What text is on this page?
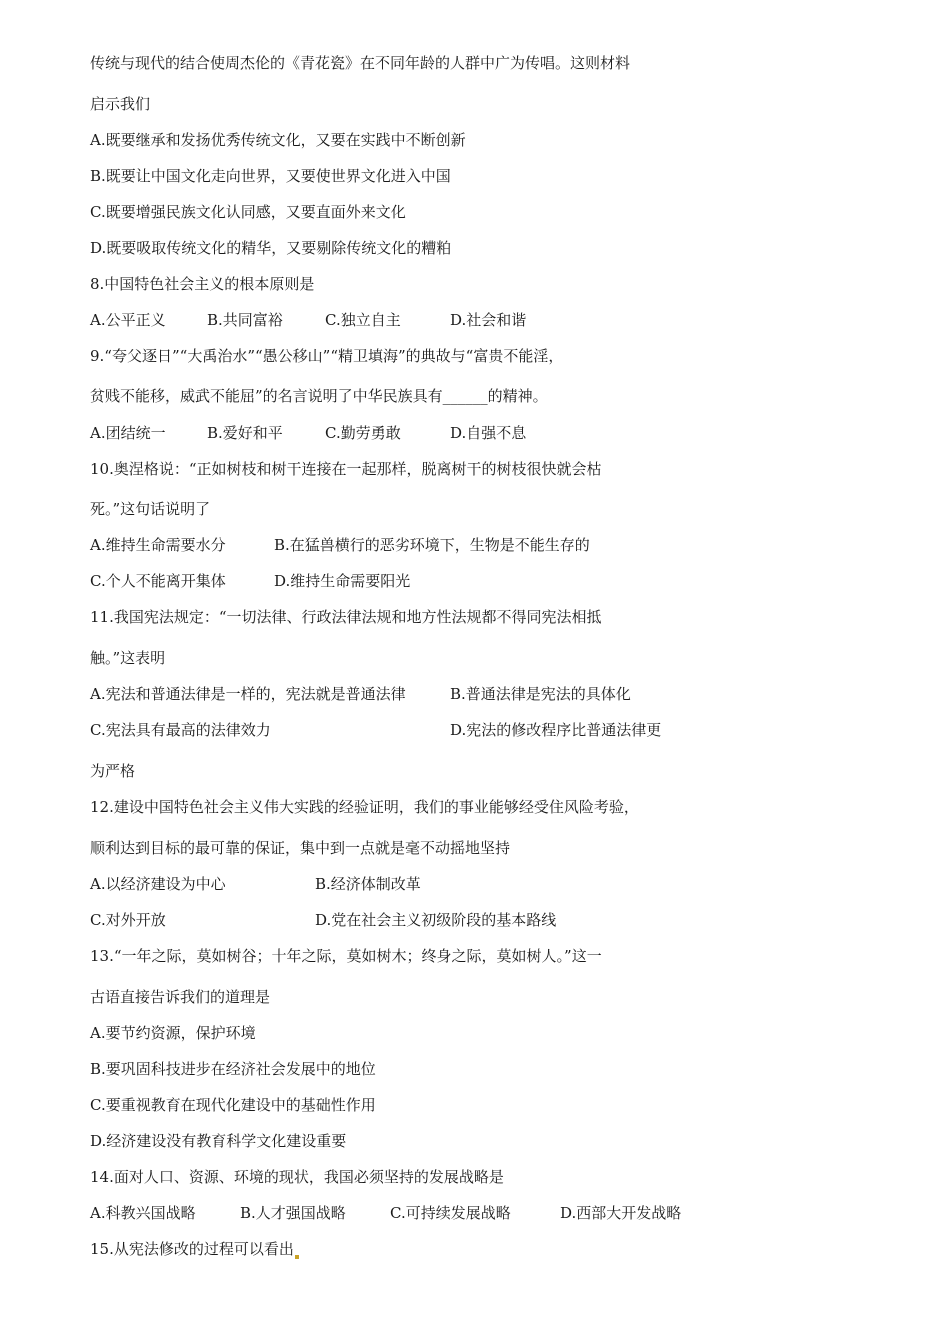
传统与现代的结合使周杰伦的《青花瓷》在不同年龄的人群中广为传唱。这则材料
启示我们
A.既要继承和发扬优秀传统文化，又要在实践中不断创新
B.既要让中国文化走向世界，又要使世界文化进入中国
C.既要增强民族文化认同感，又要直面外来文化
D.既要吸取传统文化的精华，又要剔除传统文化的糟粕
8.中国特色社会主义的根本原则是
A.公平正义	B.共同富裕	C.独立自主	D.社会和谐
9.“夸父逐日”“大禹治水”“愚公移山”“精卫填海”的典故与“富贵不能淫，
贫贱不能移，威武不能屈”的名言说明了中华民族具有______的精神。
A.团结统一	B.爱好和平	C.勤劳勇敢	D.自强不息
10.奥涅格说：“正如树枝和树干连接在一起那样，脱离树干的树枝很快就会枯
死。”这句话说明了
A.维持生命需要水分	B.在猛兽横行的恶劣环境下，生物是不能生存的
C.个人不能离开集体	D.维持生命需要阳光
11.我国宪法规定：“一切法律、行政法律法规和地方性法规都不得同宪法相抵
触。”这表明
A.宪法和普通法律是一样的，宪法就是普通法律	B.普通法律是宪法的具体化
C.宪法具有最高的法律效力	D.宪法的修改程序比普通法律更
为严格
12.建设中国特色社会主义伟大实践的经验证明，我们的事业能够经受住风险考验，
顺利达到目标的最可靠的保证，集中到一点就是毫不动摇地坚持
A.以经济建设为中心	B.经济体制改革
C.对外开放	D.党在社会主义初级阶段的基本路线
13.“一年之际，莫如树谷；十年之际，莫如树木；终身之际，莫如树人。”这一
古语直接告诉我们的道理是
A.要节约资源，保护环境
B.要巩固科技进步在经济社会发展中的地位
C.要重视教育在现代化建设中的基础性作用
D.经济建设没有教育科学文化建设重要
14.面对人口、资源、环境的现状，我国必须坚持的发展战略是
A.科教兴国战略	B.人才强国战略	C.可持续发展战略	D.西部大开发战略
15.从宪法修改的过程可以看出
